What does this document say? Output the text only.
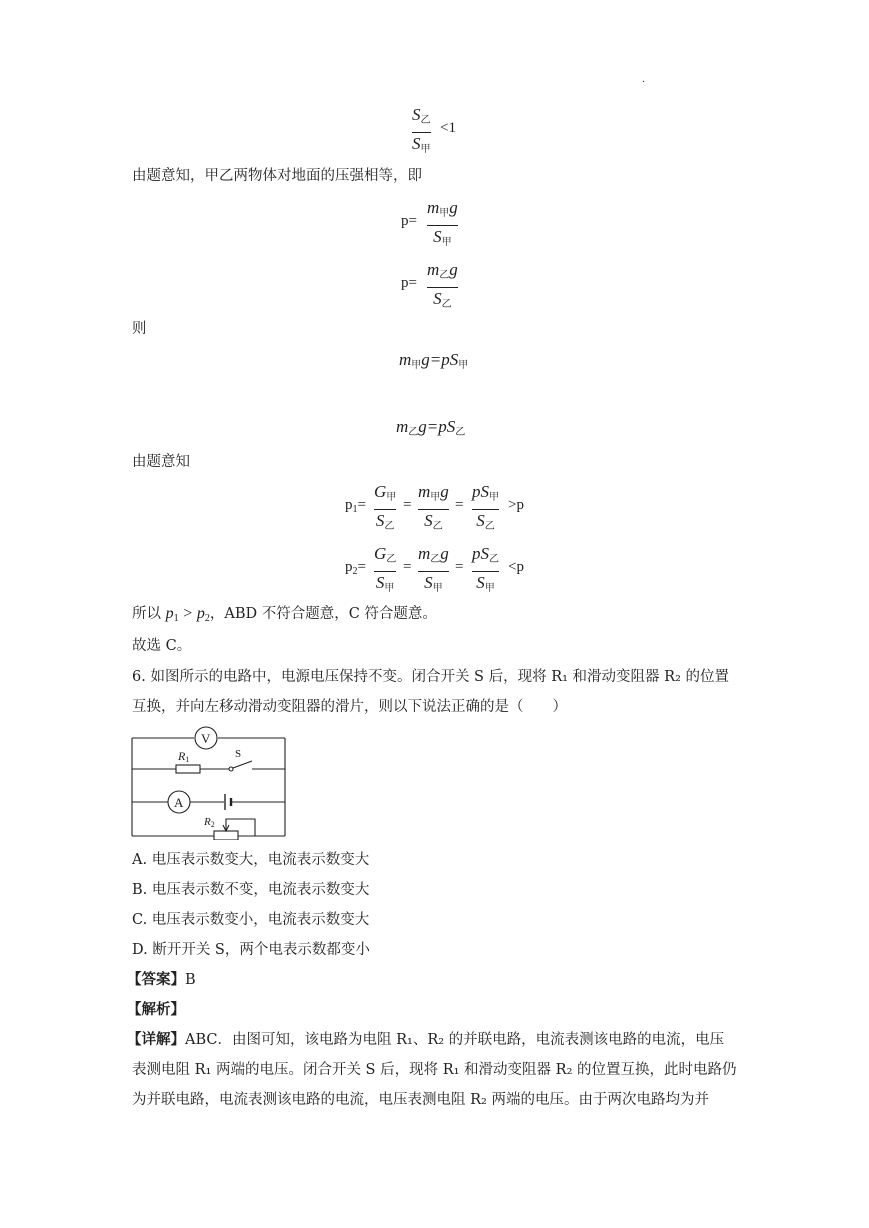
.
$S_乙$
$S_甲$
<1
由题意知，甲乙两物体对地面的压强相等，即
p=
$m_甲g$
$S_甲$
p=
$m_乙g$
$S_乙$
则
$m_甲g=pS_甲$
$m_乙g=pS_乙$
由题意知
$p_1=$
$G_甲$
$S_乙$
=
$m_甲g$
$S_乙$
=
$pS_甲$
$S_乙$
>p
$p_2=$
$G_乙$
$S_甲$
=
$m_乙g$
$S_甲$
=
$pS_乙$
$S_甲$
<p
所以 $p_1 > p_2$，ABD 不符合题意，C 符合题意。
故选 C。
6. 如图所示的电路中，电源电压保持不变。闭合开关 S 后，现将 R₁ 和滑动变阻器 R₂ 的位置
互换，并向左移动滑动变阻器的滑片，则以下说法正确的是（　　）
V
A
R1	S
R2
A. 电压表示数变大，电流表示数变大
B. 电压表示数不变，电流表示数变大
C. 电压表示数变小，电流表示数变大
D. 断开开关 S，两个电表示数都变小
【答案】B
【解析】
【详解】ABC．由图可知，该电路为电阻 R₁、R₂ 的并联电路，电流表测该电路的电流，电压
表测电阻 R₁ 两端的电压。闭合开关 S 后，现将 R₁ 和滑动变阻器 R₂ 的位置互换，此时电路仍
为并联电路，电流表测该电路的电流，电压表测电阻 R₂ 两端的电压。由于两次电路均为并
